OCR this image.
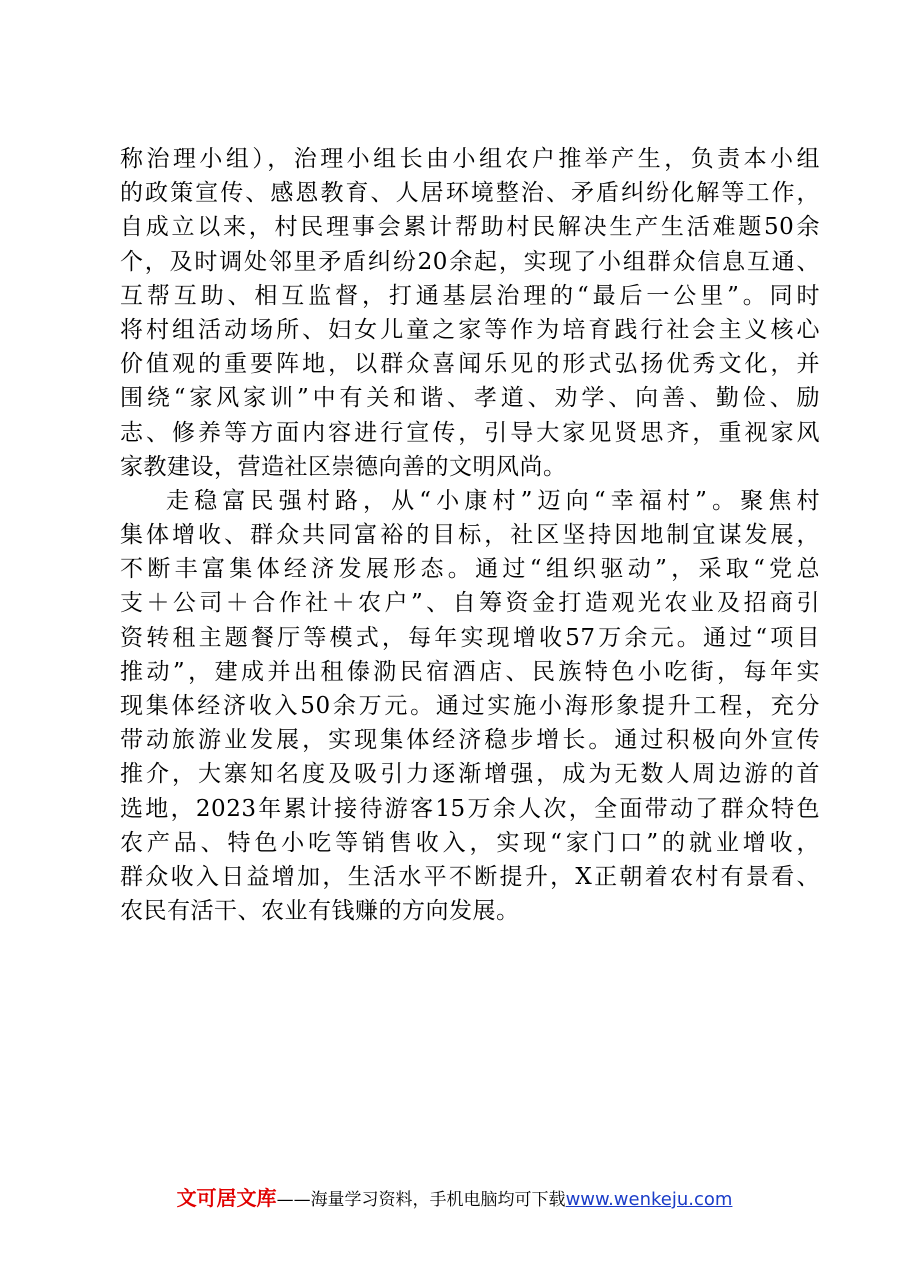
称治理小组），治理小组长由小组农户推举产生，负责本小组
的政策宣传、感恩教育、人居环境整治、矛盾纠纷化解等工作，
自成立以来，村民理事会累计帮助村民解决生产生活难题50余
个，及时调处邻里矛盾纠纷20余起，实现了小组群众信息互通、
互帮互助、相互监督，打通基层治理的“最后一公里”。同时
将村组活动场所、妇女儿童之家等作为培育践行社会主义核心
价值观的重要阵地，以群众喜闻乐见的形式弘扬优秀文化，并
围绕“家风家训”中有关和谐、孝道、劝学、向善、勤俭、励
志、修养等方面内容进行宣传，引导大家见贤思齐，重视家风
家教建设，营造社区崇德向善的文明风尚。
走稳富民强村路，从“小康村”迈向“幸福村”。聚焦村
集体增收、群众共同富裕的目标，社区坚持因地制宜谋发展，
不断丰富集体经济发展形态。通过“组织驱动”，采取“党总
支＋公司＋合作社＋农户”、自筹资金打造观光农业及招商引
资转租主题餐厅等模式，每年实现增收57万余元。通过“项目
推动”，建成并出租傣泐民宿酒店、民族特色小吃街，每年实
现集体经济收入50余万元。通过实施小海形象提升工程，充分
带动旅游业发展，实现集体经济稳步增长。通过积极向外宣传
推介，大寨知名度及吸引力逐渐增强，成为无数人周边游的首
选地，2023年累计接待游客15万余人次，全面带动了群众特色
农产品、特色小吃等销售收入，实现“家门口”的就业增收，
群众收入日益增加，生活水平不断提升，X正朝着农村有景看、
农民有活干、农业有钱赚的方向发展。
文可居文库——海量学习资料，手机电脑均可下载www.wenkeju.com
